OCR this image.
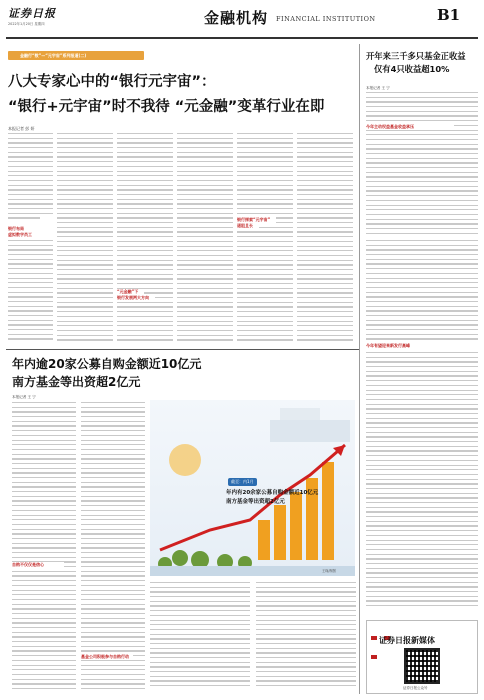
证券日报
2022年1月20日 星期四	金融机构 FINANCIAL INSTITUTION	B1
金融行“数”—“元宇宙”系列报道(二)
八大专家心中的“银行元宇宙”：
“银行+元宇宙”时不我待 “元金融”变革行业在即
本报记者 彭 妍
银行布局
虚拟数字员工
“元金融”下
银行发展两大方向
银行探索“元宇宙”
道阻且长
开年来三千多只基金正收益
仅有4只收益超10%
本报记者 王 宁
今年主动权益基金收益承压
今年有望迎来新发行高峰

证券日报新媒体
证券日报公众号
年内逾20家公募自购金额近10亿元
南方基金等出资超2亿元
本报记者 王 宁
自购不仅仅是信心
基金公司积极参与自购行动
截至：内1月
年内有20余家公募自购金额近10亿元
南方基金等出资超2亿元
王琛/制图
